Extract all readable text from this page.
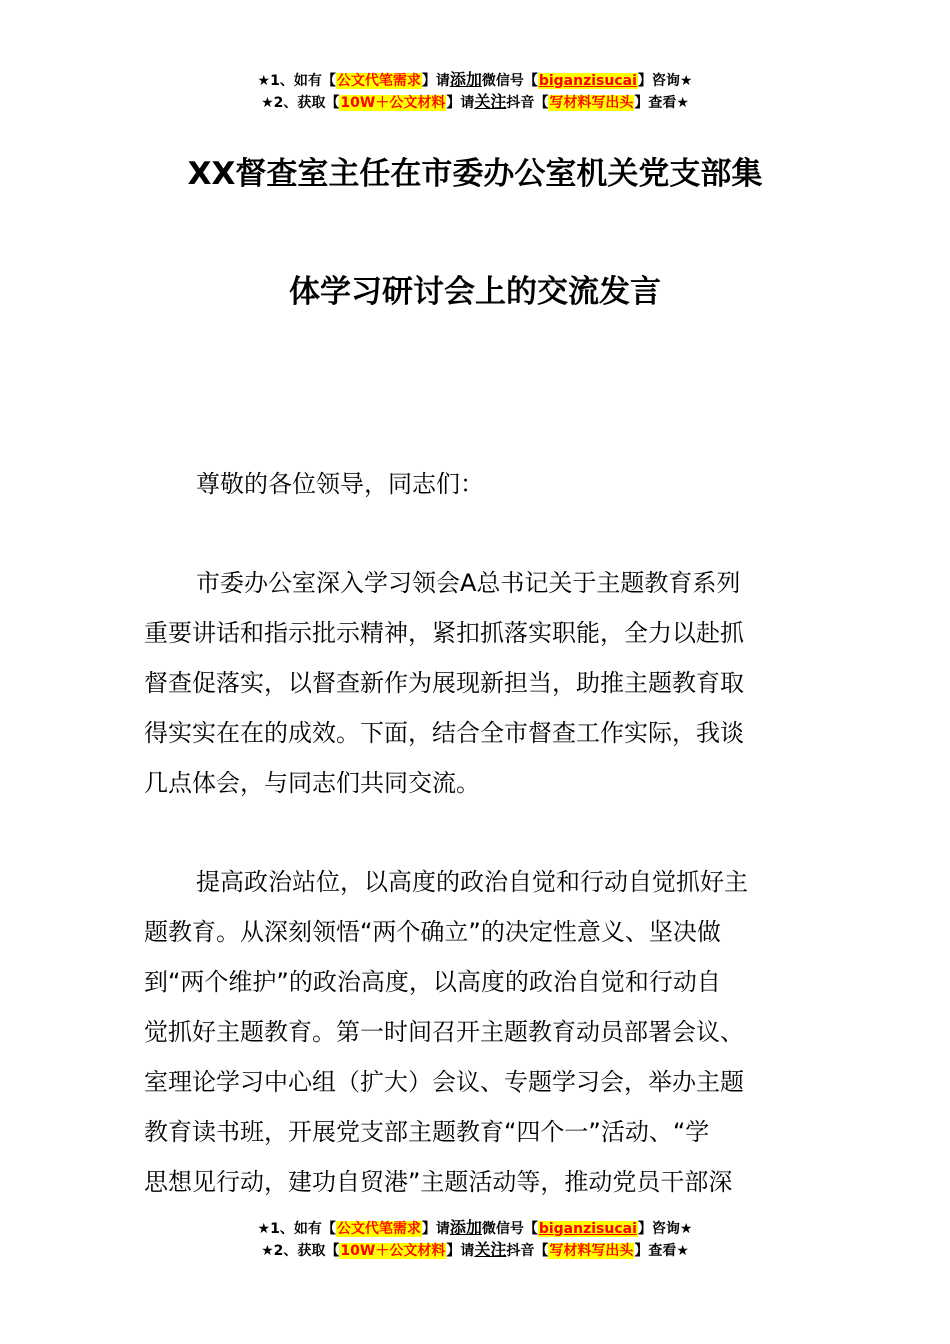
★1、如有【公文代笔需求】请添加微信号【biganzisucai】咨询★
★2、获取【10W＋公文材料】请关注抖音【写材料写出头】查看★
XX督查室主任在市委办公室机关党支部集
体学习研讨会上的交流发言
尊敬的各位领导，同志们：
市委办公室深入学习领会A总书记关于主题教育系列
重要讲话和指示批示精神，紧扣抓落实职能，全力以赴抓
督查促落实，以督查新作为展现新担当，助推主题教育取
得实实在在的成效。下面，结合全市督查工作实际，我谈
几点体会，与同志们共同交流。
提高政治站位，以高度的政治自觉和行动自觉抓好主
题教育。从深刻领悟“两个确立”的决定性意义、坚决做
到“两个维护”的政治高度，以高度的政治自觉和行动自
觉抓好主题教育。第一时间召开主题教育动员部署会议、
室理论学习中心组（扩大）会议、专题学习会，举办主题
教育读书班，开展党支部主题教育“四个一”活动、“学
思想见行动，建功自贸港”主题活动等，推动党员干部深
★1、如有【公文代笔需求】请添加微信号【biganzisucai】咨询★
★2、获取【10W＋公文材料】请关注抖音【写材料写出头】查看★
